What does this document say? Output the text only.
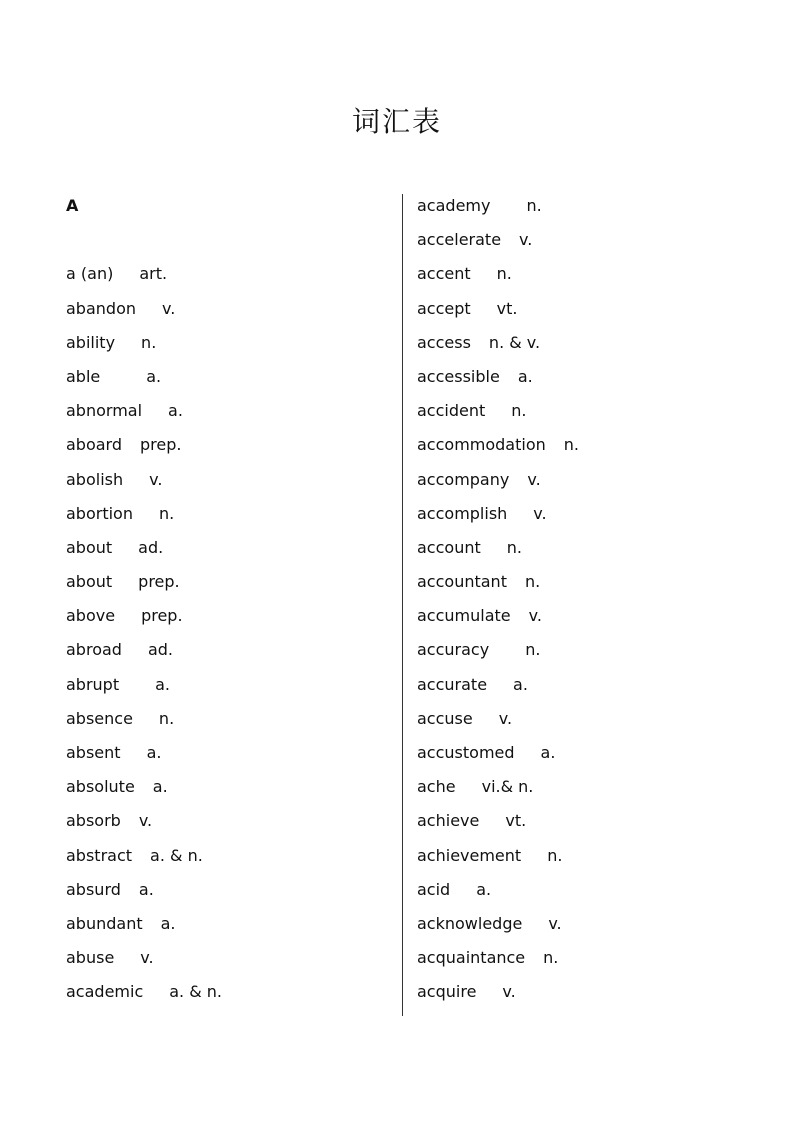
词汇表
A
a (an) art.
abandon v.
ability n.
able	a.
abnormal a.
aboard prep.
abolish v.
abortion n.
about ad.
about prep.
above prep.
abroad ad.
abrupt a.
absence n.
absent a.
absolute a.
absorb v.
abstract a. & n.
absurd a.
abundant a.
abuse v.
academic a. & n.
academy n.
accelerate v.
accent n.
accept vt.
access n. & v.
accessible a.
accident n.
accommodation n.
accompany v.
accomplish v.
account n.
accountant n.
accumulate v.
accuracy n.
accurate a.
accuse v.
accustomed a.
ache vi.& n.
achieve vt.
achievement n.
acid a.
acknowledge v.
acquaintance n.
acquire v.
